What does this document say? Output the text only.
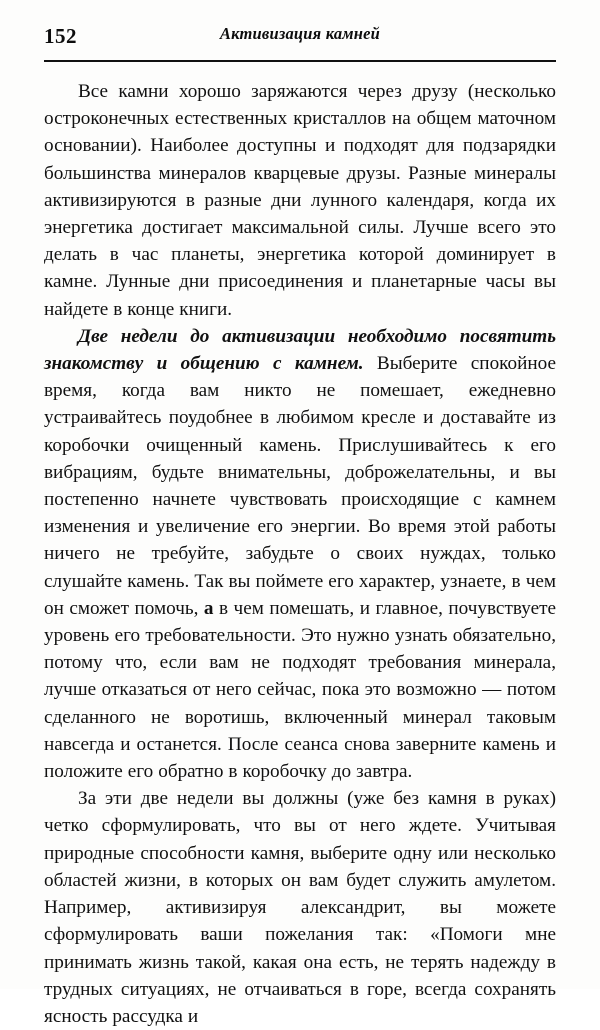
152	Активизация камней

Все камни хорошо заряжаются через друзу (несколько остроконечных естественных кристаллов на общем маточном основании). Наиболее доступны и подходят для подзарядки большинства минералов кварцевые друзы. Разные минералы активизируются в разные дни лунного календаря, когда их энергетика достигает максимальной силы. Лучше всего это делать в час планеты, энергетика которой доминирует в камне. Лунные дни присоединения и планетарные часы вы найдете в конце книги.

Две недели до активизации необходимо посвятить знакомству и общению с камнем. Выберите спокойное время, когда вам никто не помешает, ежедневно устраивайтесь поудобнее в любимом кресле и доставайте из коробочки очищенный камень. Прислушивайтесь к его вибрациям, будьте внимательны, доброжелательны, и вы постепенно начнете чувствовать происходящие с камнем изменения и увеличение его энергии. Во время этой работы ничего не требуйте, забудьте о своих нуждах, только слушайте камень. Так вы поймете его характер, узнаете, в чем он сможет помочь, а в чем помешать, и главное, почувствуете уровень его требовательности. Это нужно узнать обязательно, потому что, если вам не подходят требования минерала, лучше отказаться от него сейчас, пока это возможно — потом сделанного не воротишь, включенный минерал таковым навсегда и останется. После сеанса снова заверните камень и положите его обратно в коробочку до завтра.

За эти две недели вы должны (уже без камня в руках) четко сформулировать, что вы от него ждете. Учитывая природные способности камня, выберите одну или несколько областей жизни, в которых он вам будет служить амулетом. Например, активизируя александрит, вы можете сформулировать ваши пожелания так: «Помоги мне принимать жизнь такой, какая она есть, не терять надежду в трудных ситуациях, не отчаиваться в горе, всегда сохранять ясность рассудка и
